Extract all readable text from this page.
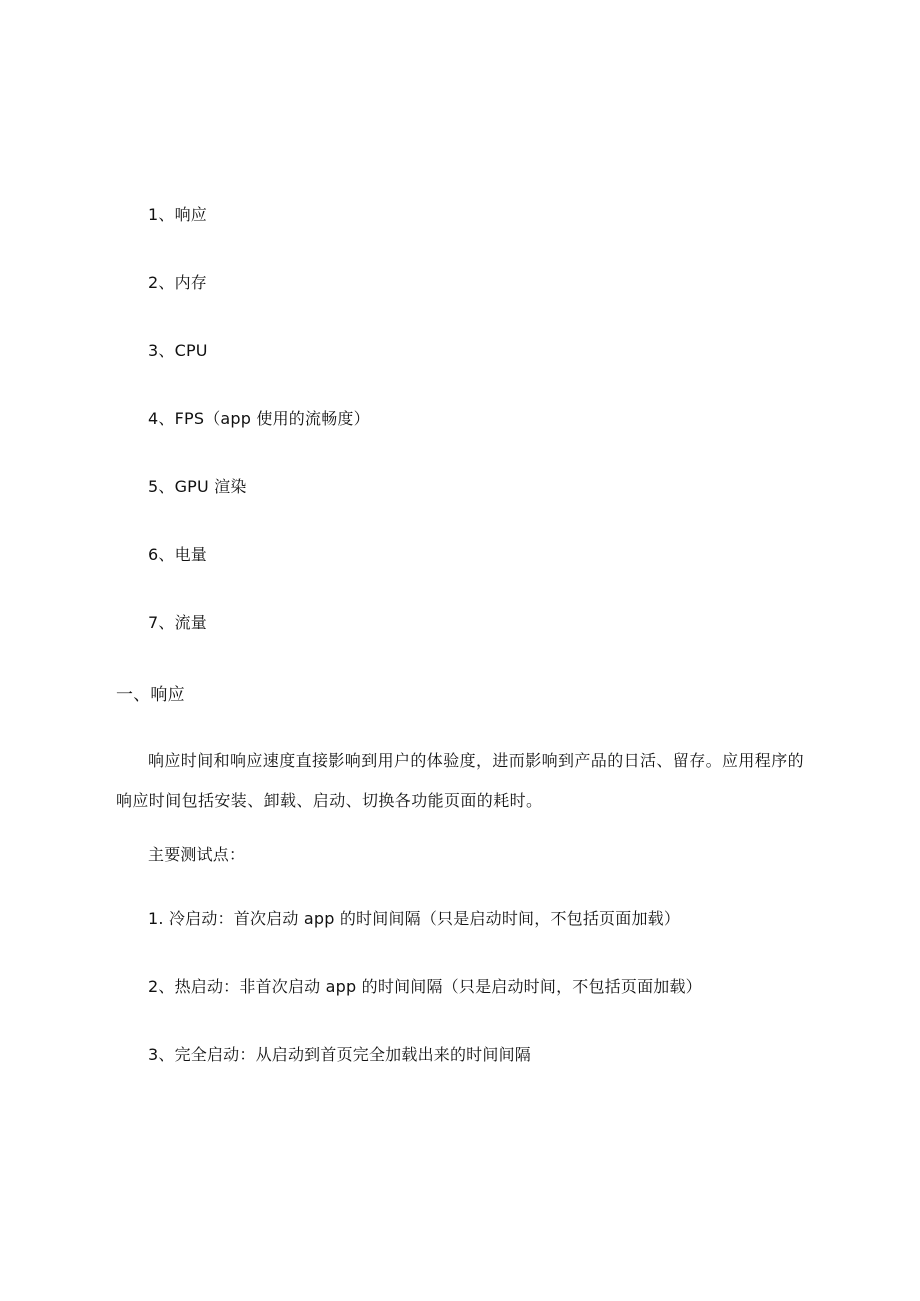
1、响应
2、内存
3、CPU
4、FPS（app 使用的流畅度）
5、GPU 渲染
6、电量
7、流量
一、响应
响应时间和响应速度直接影响到用户的体验度，进而影响到产品的日活、留存。应用程序的响应时间包括安装、卸载、启动、切换各功能页面的耗时。
主要测试点：
1. 冷启动：首次启动 app 的时间间隔（只是启动时间，不包括页面加载）
2、热启动：非首次启动 app 的时间间隔（只是启动时间，不包括页面加载）
3、完全启动：从启动到首页完全加载出来的时间间隔
